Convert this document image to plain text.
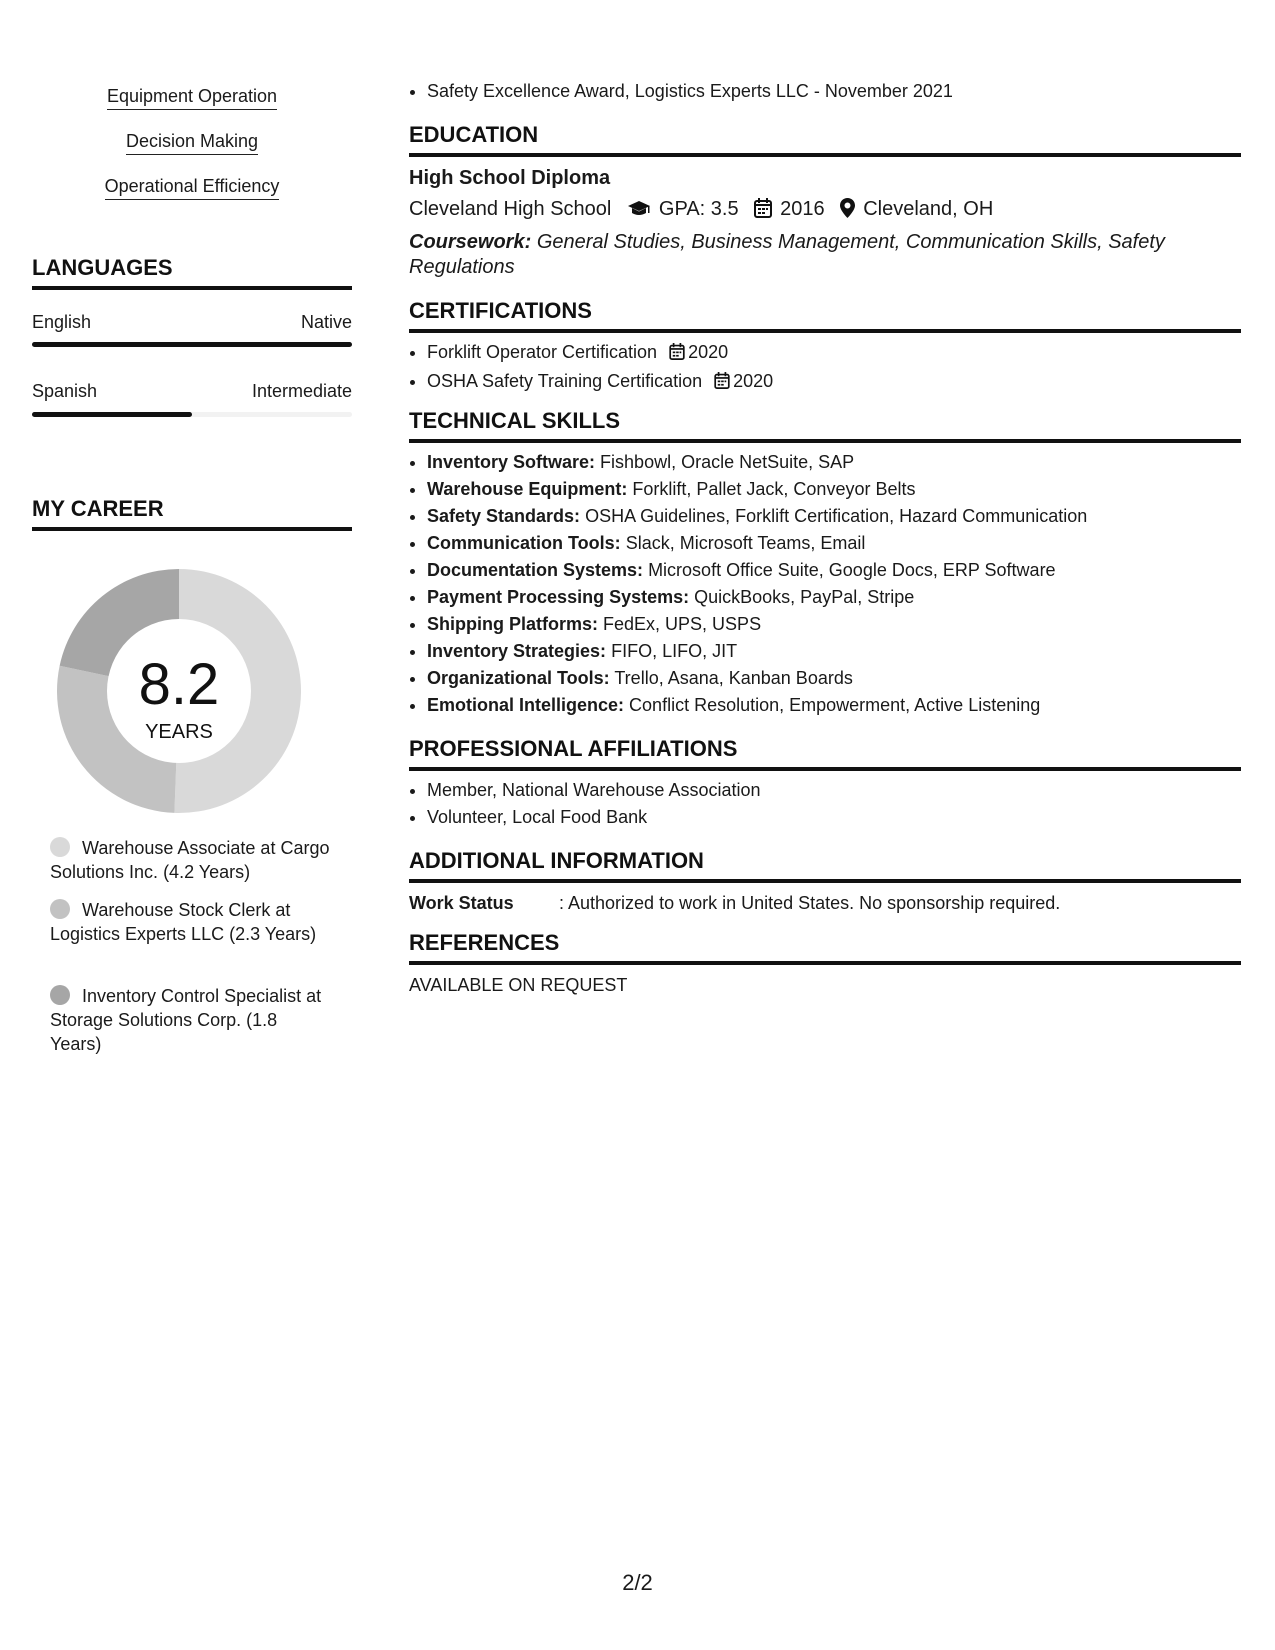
Equipment Operation
Decision Making
Operational Efficiency
LANGUAGES
English	Native
Spanish	Intermediate
MY CAREER
8.2
YEARS
Warehouse Associate at Cargo Solutions Inc. (4.2 Years)
Warehouse Stock Clerk at Logistics Experts LLC (2.3 Years)
Inventory Control Specialist at Storage Solutions Corp. (1.8 Years)
• Safety Excellence Award, Logistics Experts LLC - November 2021
EDUCATION
High School Diploma
Cleveland High School GPA: 3.5 2016 Cleveland, OH
Coursework: General Studies, Business Management, Communication Skills, Safety Regulations
CERTIFICATIONS
• Forklift Operator Certification 2020
• OSHA Safety Training Certification 2020
TECHNICAL SKILLS
• Inventory Software: Fishbowl, Oracle NetSuite, SAP
• Warehouse Equipment: Forklift, Pallet Jack, Conveyor Belts
• Safety Standards: OSHA Guidelines, Forklift Certification, Hazard Communication
• Communication Tools: Slack, Microsoft Teams, Email
• Documentation Systems: Microsoft Office Suite, Google Docs, ERP Software
• Payment Processing Systems: QuickBooks, PayPal, Stripe
• Shipping Platforms: FedEx, UPS, USPS
• Inventory Strategies: FIFO, LIFO, JIT
• Organizational Tools: Trello, Asana, Kanban Boards
• Emotional Intelligence: Conflict Resolution, Empowerment, Active Listening
PROFESSIONAL AFFILIATIONS
• Member, National Warehouse Association
• Volunteer, Local Food Bank
ADDITIONAL INFORMATION
Work Status	: Authorized to work in United States. No sponsorship required.
REFERENCES
AVAILABLE ON REQUEST
2/2
